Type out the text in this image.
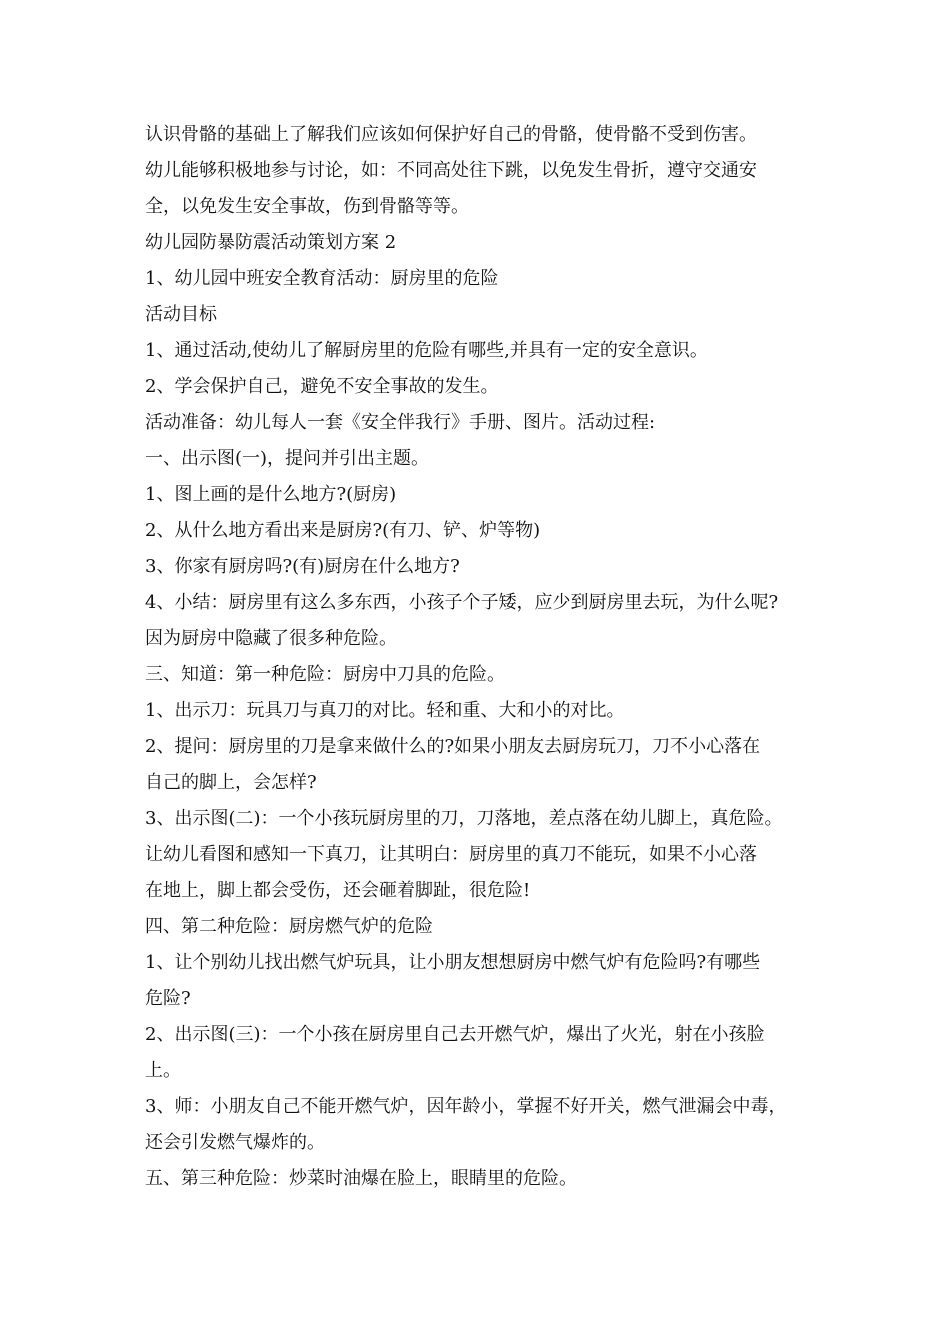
认识骨骼的基础上了解我们应该如何保护好自己的骨骼，使骨骼不受到伤害。
幼儿能够积极地参与讨论，如：不同高处往下跳，以免发生骨折，遵守交通安
全，以免发生安全事故，伤到骨骼等等。
幼儿园防暴防震活动策划方案 2
1、幼儿园中班安全教育活动：厨房里的危险
活动目标
1、通过活动,使幼儿了解厨房里的危险有哪些,并具有一定的安全意识。
2、学会保护自己，避免不安全事故的发生。
活动准备：幼儿每人一套《安全伴我行》手册、图片。活动过程:
一、出示图(一)，提问并引出主题。
1、图上画的是什么地方?(厨房)
2、从什么地方看出来是厨房?(有刀、铲、炉等物)
3、你家有厨房吗?(有)厨房在什么地方?
4、小结：厨房里有这么多东西，小孩子个子矮，应少到厨房里去玩，为什么呢?
因为厨房中隐藏了很多种危险。
三、知道：第一种危险：厨房中刀具的危险。
1、出示刀：玩具刀与真刀的对比。轻和重、大和小的对比。
2、提问：厨房里的刀是拿来做什么的?如果小朋友去厨房玩刀，刀不小心落在
自己的脚上，会怎样?
3、出示图(二)：一个小孩玩厨房里的刀，刀落地，差点落在幼儿脚上，真危险。
让幼儿看图和感知一下真刀，让其明白：厨房里的真刀不能玩，如果不小心落
在地上，脚上都会受伤，还会砸着脚趾，很危险!
四、第二种危险：厨房燃气炉的危险
1、让个别幼儿找出燃气炉玩具，让小朋友想想厨房中燃气炉有危险吗?有哪些
危险?
2、出示图(三)：一个小孩在厨房里自己去开燃气炉，爆出了火光，射在小孩脸
上。
3、师：小朋友自己不能开燃气炉，因年龄小，掌握不好开关，燃气泄漏会中毒，
还会引发燃气爆炸的。
五、第三种危险：炒菜时油爆在脸上，眼睛里的危险。
